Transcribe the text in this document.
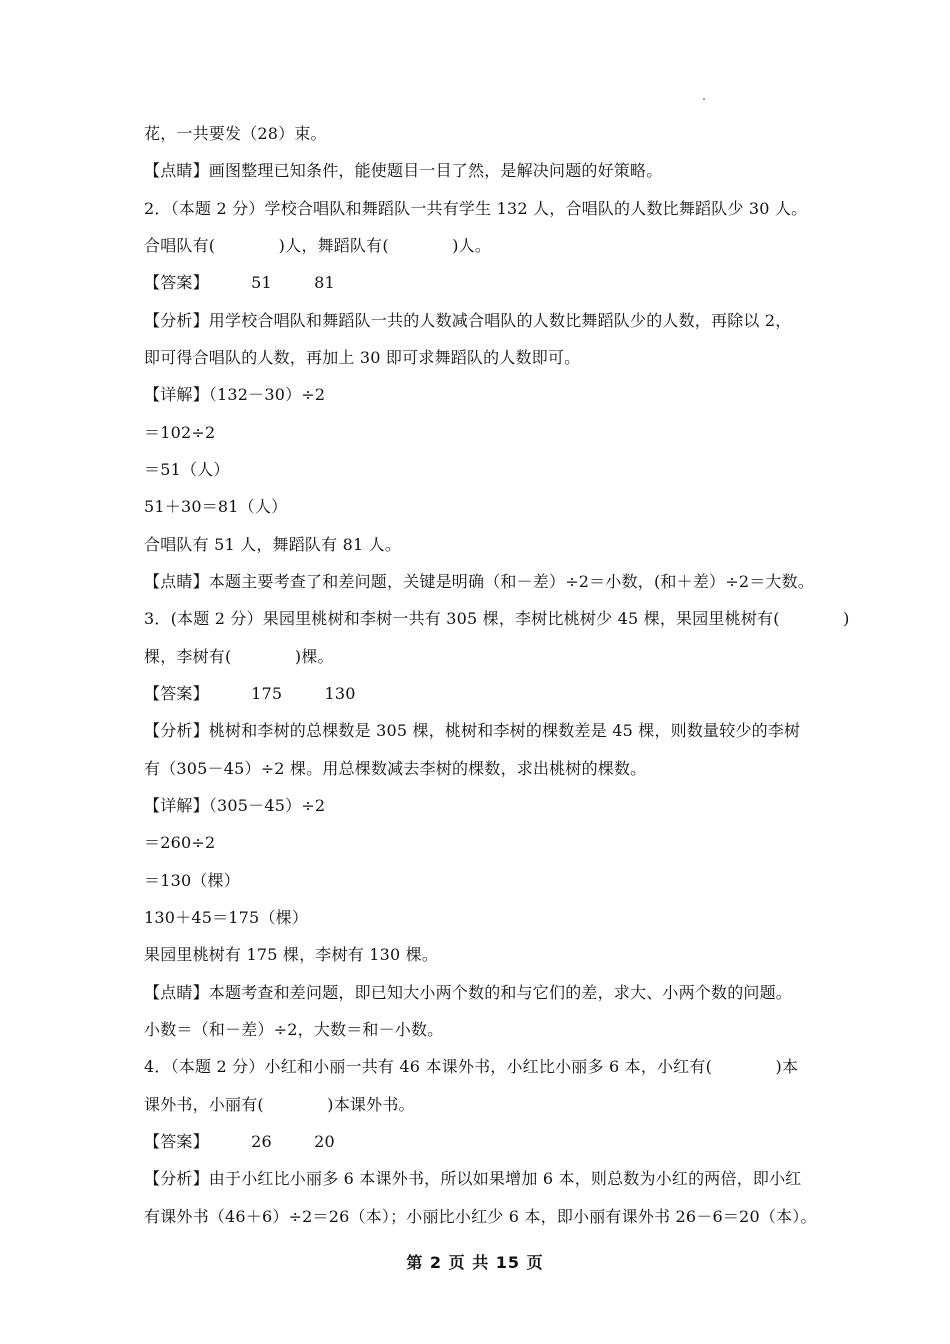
花，一共要发（28）束。
【点睛】画图整理已知条件，能使题目一目了然，是解决问题的好策略。
2．（本题 2 分）学校合唱队和舞蹈队一共有学生 132 人，合唱队的人数比舞蹈队少 30 人。
合唱队有(            )人，舞蹈队有(            )人。
【答案】        51        81
【分析】用学校合唱队和舞蹈队一共的人数减合唱队的人数比舞蹈队少的人数，再除以 2，
即可得合唱队的人数，再加上 30 即可求舞蹈队的人数即可。
【详解】（132－30）÷2
＝102÷2
＝51（人）
51＋30＝81（人）
合唱队有 51 人，舞蹈队有 81 人。
【点睛】本题主要考查了和差问题，关键是明确（和－差）÷2＝小数，(和＋差）÷2＝大数。
3．(本题 2 分）果园里桃树和李树一共有 305 棵，李树比桃树少 45 棵，果园里桃树有(            )
棵，李树有(            )棵。
【答案】        175        130
【分析】桃树和李树的总棵数是 305 棵，桃树和李树的棵数差是 45 棵，则数量较少的李树
有（305－45）÷2 棵。用总棵数减去李树的棵数，求出桃树的棵数。
【详解】（305－45）÷2
＝260÷2
＝130（棵）
130＋45＝175（棵）
果园里桃树有 175 棵，李树有 130 棵。
【点睛】本题考查和差问题，即已知大小两个数的和与它们的差，求大、小两个数的问题。
小数＝（和－差）÷2，大数＝和－小数。
4．（本题 2 分）小红和小丽一共有 46 本课外书，小红比小丽多 6 本，小红有(            )本
课外书，小丽有(            )本课外书。
【答案】        26        20
【分析】由于小红比小丽多 6 本课外书，所以如果增加 6 本，则总数为小红的两倍，即小红
有课外书（46＋6）÷2＝26（本）；小丽比小红少 6 本，即小丽有课外书 26－6＝20（本）。
第 2 页 共 15 页
